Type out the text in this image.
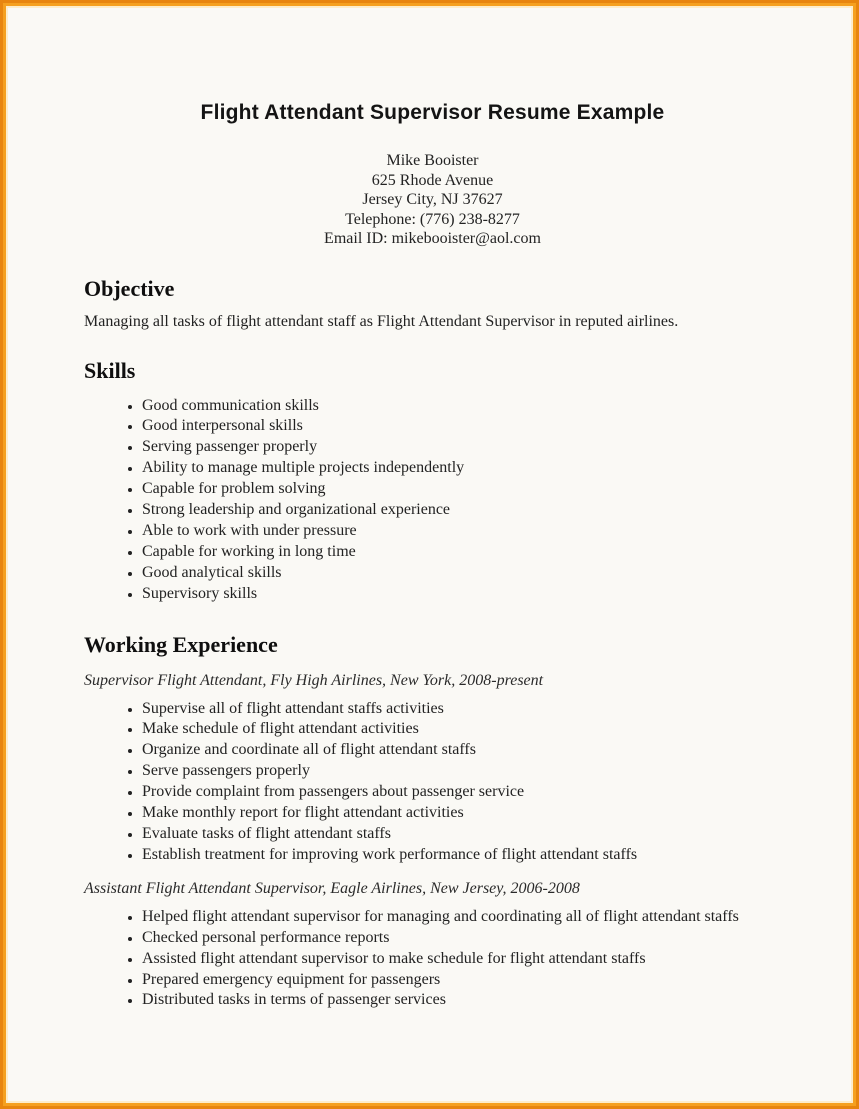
Flight Attendant Supervisor Resume Example
Mike Booister
625 Rhode Avenue
Jersey City, NJ 37627
Telephone: (776) 238-8277
Email ID: mikebooister@aol.com
Objective

Managing all tasks of flight attendant staff as Flight Attendant Supervisor in reputed airlines.

Skills
• Good communication skills
• Good interpersonal skills
• Serving passenger properly
• Ability to manage multiple projects independently
• Capable for problem solving
• Strong leadership and organizational experience
• Able to work with under pressure
• Capable for working in long time
• Good analytical skills
• Supervisory skills
Working Experience

Supervisor Flight Attendant, Fly High Airlines, New York, 2008-present

• Supervise all of flight attendant staffs activities
• Make schedule of flight attendant activities
• Organize and coordinate all of flight attendant staffs
• Serve passengers properly
• Provide complaint from passengers about passenger service
• Make monthly report for flight attendant activities
• Evaluate tasks of flight attendant staffs
• Establish treatment for improving work performance of flight attendant staffs

Assistant Flight Attendant Supervisor, Eagle Airlines, New Jersey, 2006-2008

• Helped flight attendant supervisor for managing and coordinating all of flight attendant staffs
• Checked personal performance reports
• Assisted flight attendant supervisor to make schedule for flight attendant staffs
• Prepared emergency equipment for passengers
• Distributed tasks in terms of passenger services
